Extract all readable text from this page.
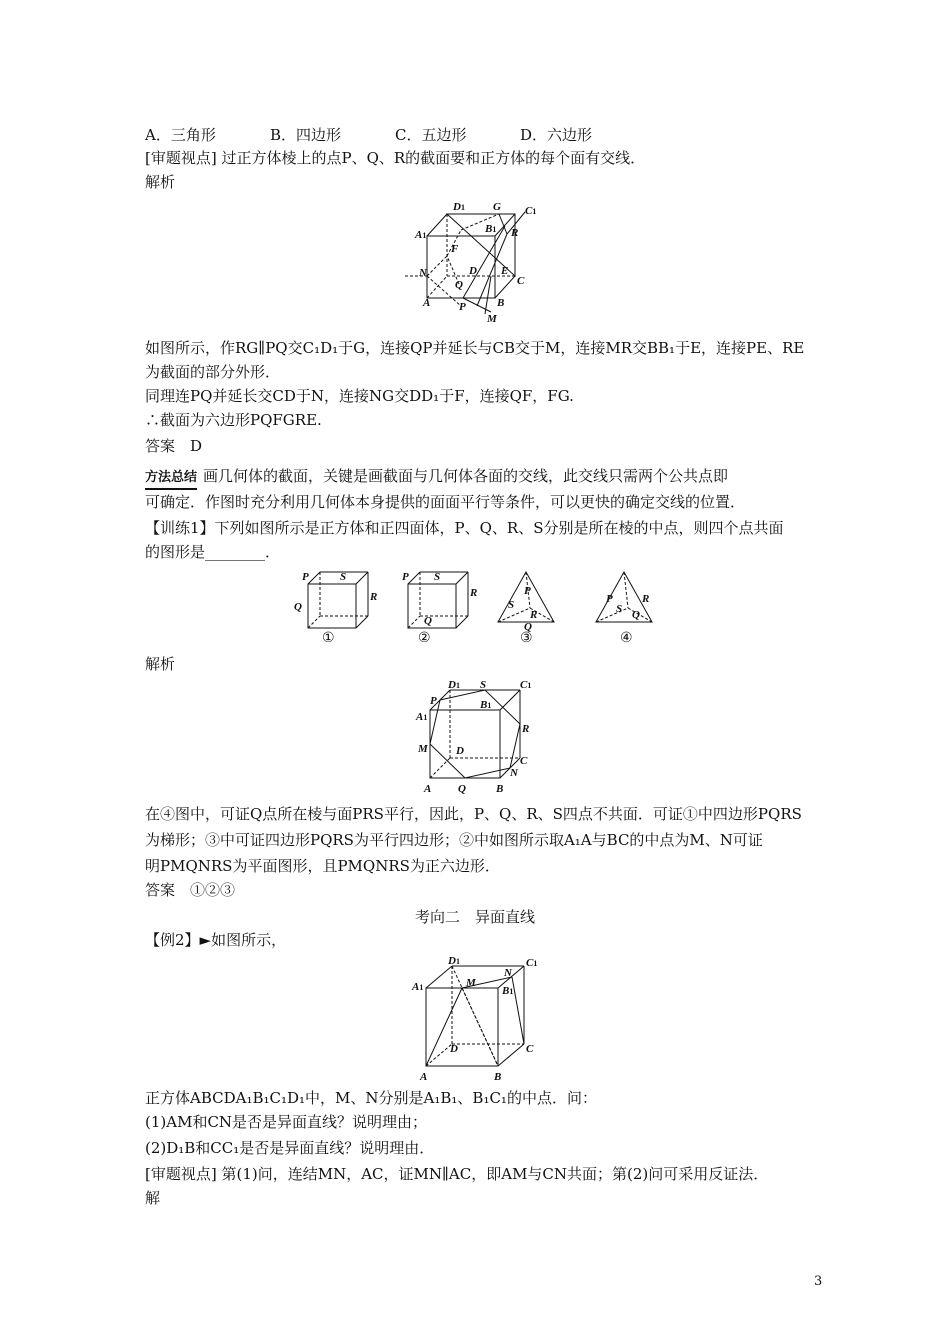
A．三角形	B．四边形	C．五边形	D．六边形
[审题视点] 过正方体棱上的点P、Q、R的截面要和正方体的每个面有交线．
解析
D1	G C1
A1
B1 R
F
N	D E
C
Q
A	B
P
M
如图所示，作RG∥PQ交C₁D₁于G，连接QP并延长与CB交于M，连接MR交BB₁于E，连接PE、RE
为截面的部分外形．
同理连PQ并延长交CD于N，连接NG交DD₁于F，连接QF，FG.
∴截面为六边形PQFGRE.
答案　D
方法总结 画几何体的截面，关键是画截面与几何体各面的交线，此交线只需两个公共点即
可确定．作图时充分利用几何体本身提供的面面平行等条件，可以更快的确定交线的位置．
【训练1】下列如图所示是正方体和正四面体，P、Q、R、S分别是所在棱的中点，则四个点共面
的图形是________．
P	S
R
Q
P S
R
Q
P
S
R
Q
P
S
R
Q
①	②	③	④
解析
D1 S	C1
P	B1
A1
R
M	D
C
N
A Q	B
在④图中，可证Q点所在棱与面PRS平行，因此，P、Q、R、S四点不共面．可证①中四边形PQRS
为梯形；③中可证四边形PQRS为平行四边形；②中如图所示取A₁A与BC的中点为M、N可证
明PMQNRS为平面图形，且PMQNRS为正六边形．
答案　①②③
考向二　异面直线
【例2】►如图所示，
D1	C1
A1	M
N
B1
D	C
A	B
正方体ABCDA₁B₁C₁D₁中，M、N分别是A₁B₁、B₁C₁的中点．问：
(1)AM和CN是否是异面直线？说明理由；
(2)D₁B和CC₁是否是异面直线？说明理由．
[审题视点] 第(1)问，连结MN，AC，证MN∥AC，即AM与CN共面；第(2)问可采用反证法．
解
3
